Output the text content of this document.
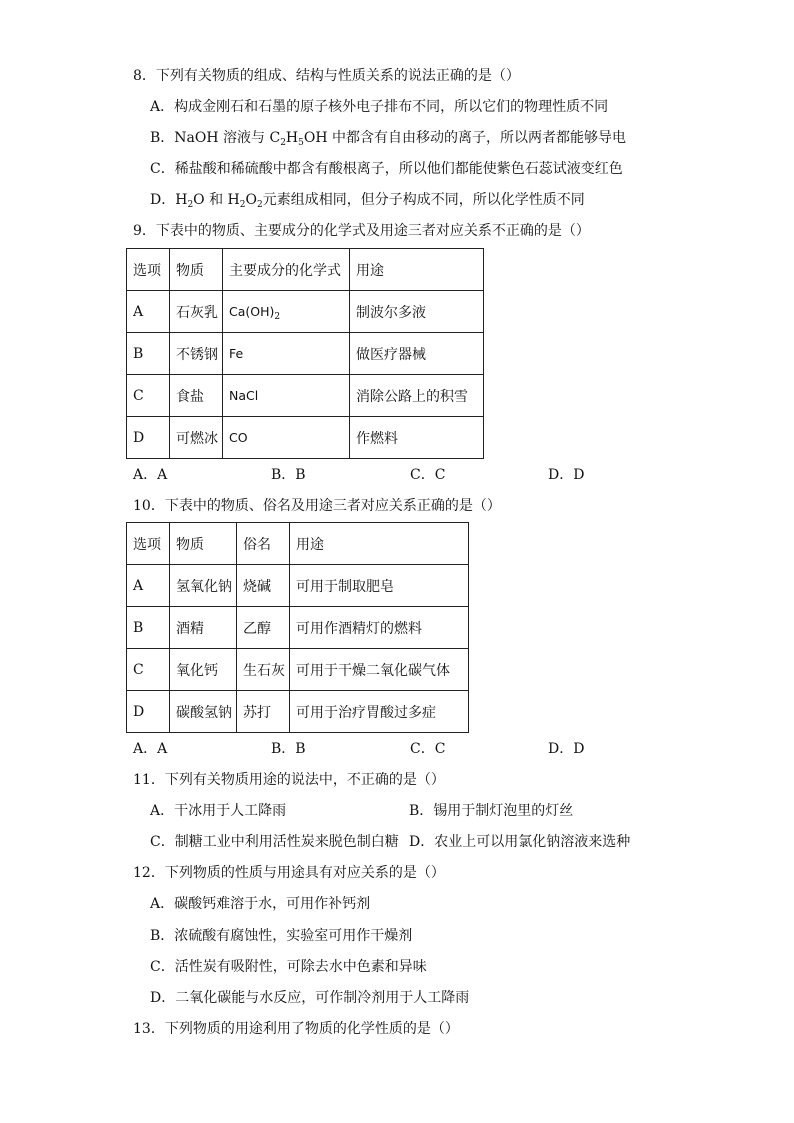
8．下列有关物质的组成、结构与性质关系的说法正确的是（）
A．构成金刚石和石墨的原子核外电子排布不同，所以它们的物理性质不同
B．NaOH 溶液与 $C_2H_5OH$ 中都含有自由移动的离子，所以两者都能够导电
C．稀盐酸和稀硫酸中都含有酸根离子，所以他们都能使紫色石蕊试液变红色
D．$H_2O$ 和 $H_2O_2$元素组成相同，但分子构成不同，所以化学性质不同
9．下表中的物质、主要成分的化学式及用途三者对应关系不正确的是（）
选项	物质	主要成分的化学式	用途
A	石灰乳	$Ca(OH)_2$	制波尔多液
B	不锈钢	Fe	做医疗器械
C	食盐	NaCl	消除公路上的积雪
D	可燃冰	CO	作燃料
A．A	B．B	C．C	D．D
10．下表中的物质、俗名及用途三者对应关系正确的是（）
选项	物质	俗名	用途
A	氢氧化钠	烧碱	可用于制取肥皂
B	酒精	乙醇	可用作酒精灯的燃料
C	氧化钙	生石灰	可用于干燥二氧化碳气体
D	碳酸氢钠	苏打	可用于治疗胃酸过多症
A．A	B．B	C．C	D．D
11．下列有关物质用途的说法中，不正确的是（）
A．干冰用于人工降雨	B．锡用于制灯泡里的灯丝
C．制糖工业中利用活性炭来脱色制白糖 D．农业上可以用氯化钠溶液来选种
12．下列物质的性质与用途具有对应关系的是（）
A．碳酸钙难溶于水，可用作补钙剂
B．浓硫酸有腐蚀性，实验室可用作干燥剂
C．活性炭有吸附性，可除去水中色素和异味
D．二氧化碳能与水反应，可作制冷剂用于人工降雨
13．下列物质的用途利用了物质的化学性质的是（）
